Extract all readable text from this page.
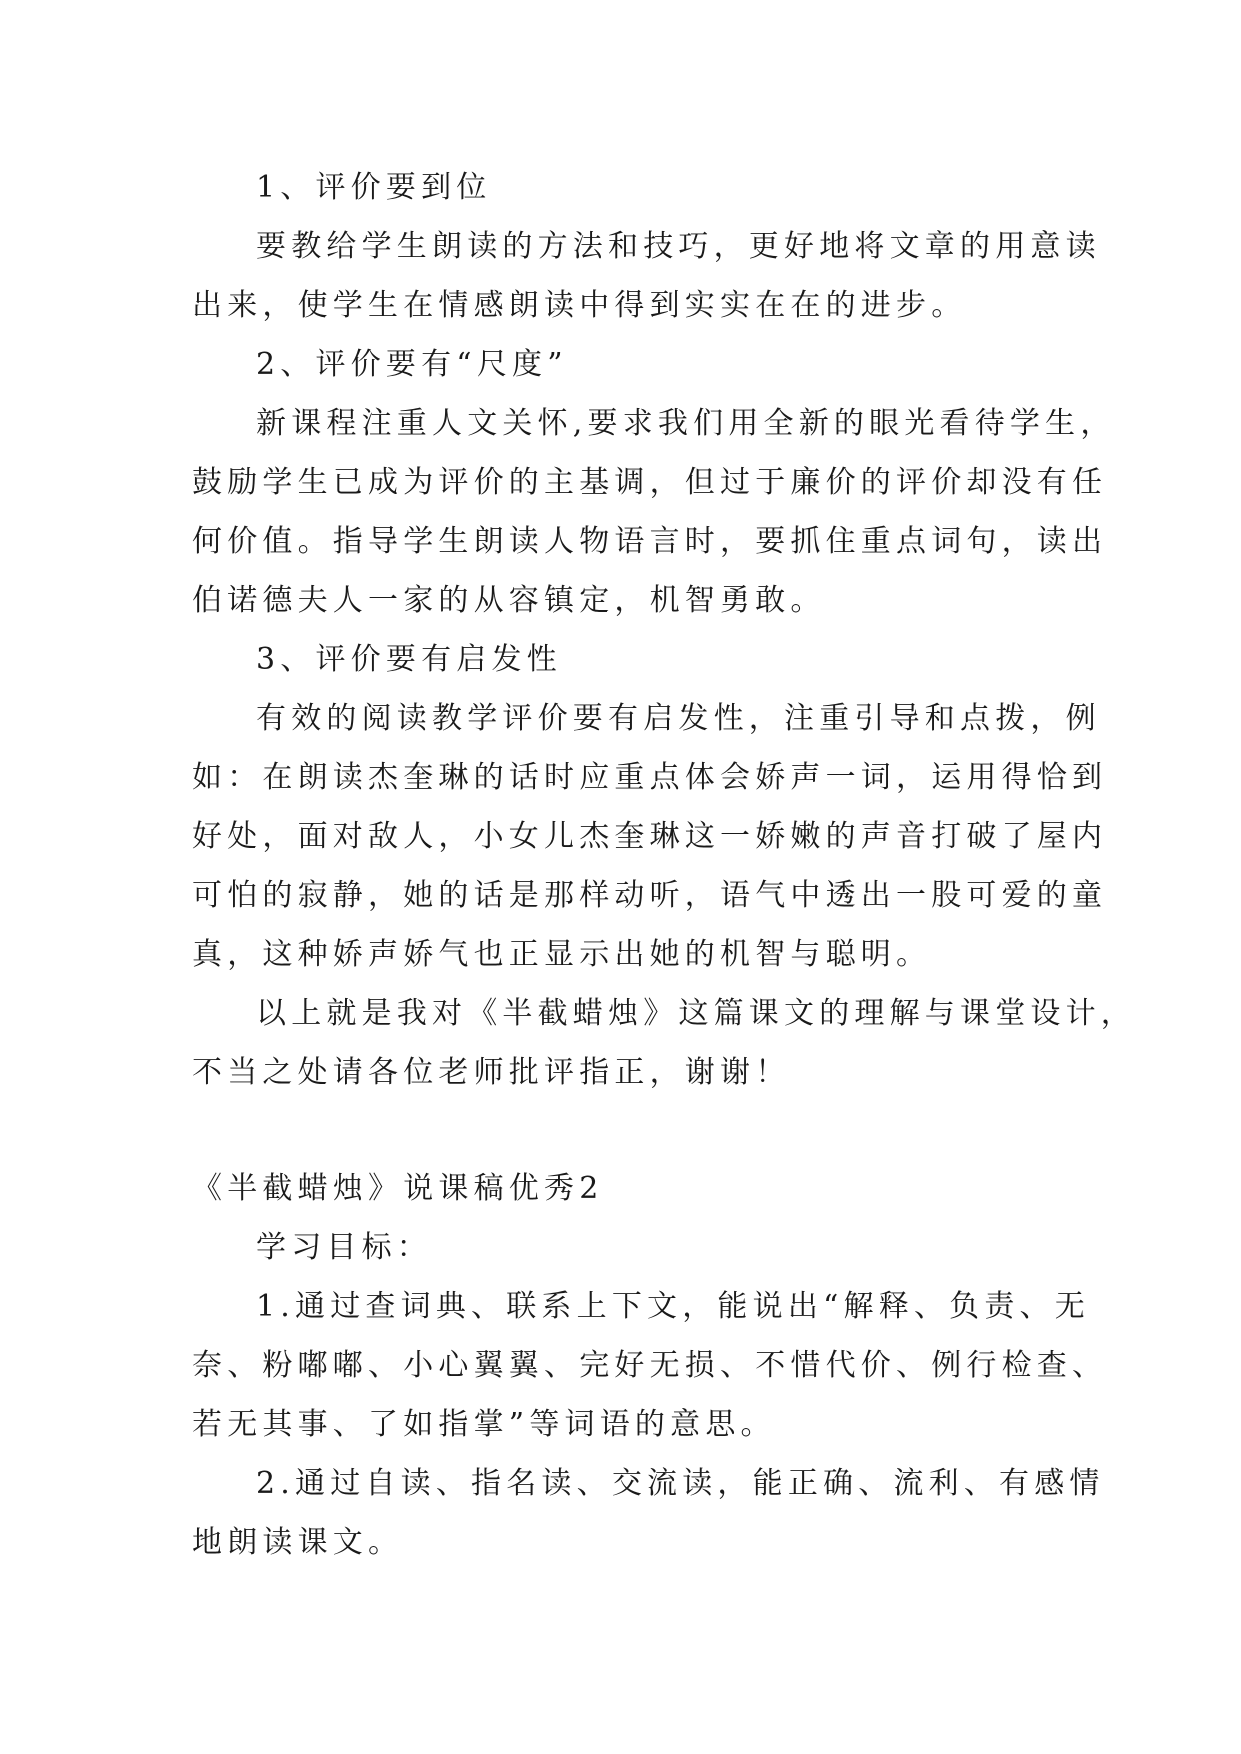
1、评价要到位
要教给学生朗读的方法和技巧，更好地将文章的用意读
出来，使学生在情感朗读中得到实实在在的进步。
2、评价要有“尺度”
新课程注重人文关怀,要求我们用全新的眼光看待学生，
鼓励学生已成为评价的主基调，但过于廉价的评价却没有任
何价值。指导学生朗读人物语言时，要抓住重点词句，读出
伯诺德夫人一家的从容镇定，机智勇敢。
3、评价要有启发性
有效的阅读教学评价要有启发性，注重引导和点拨，例
如：在朗读杰奎琳的话时应重点体会娇声一词，运用得恰到
好处，面对敌人，小女儿杰奎琳这一娇嫩的声音打破了屋内
可怕的寂静，她的话是那样动听，语气中透出一股可爱的童
真，这种娇声娇气也正显示出她的机智与聪明。
以上就是我对《半截蜡烛》这篇课文的理解与课堂设计，
不当之处请各位老师批评指正，谢谢！
《半截蜡烛》说课稿优秀2
学习目标：
1.通过查词典、联系上下文，能说出“解释、负责、无
奈、粉嘟嘟、小心翼翼、完好无损、不惜代价、例行检查、
若无其事、了如指掌”等词语的意思。
2.通过自读、指名读、交流读，能正确、流利、有感情
地朗读课文。
